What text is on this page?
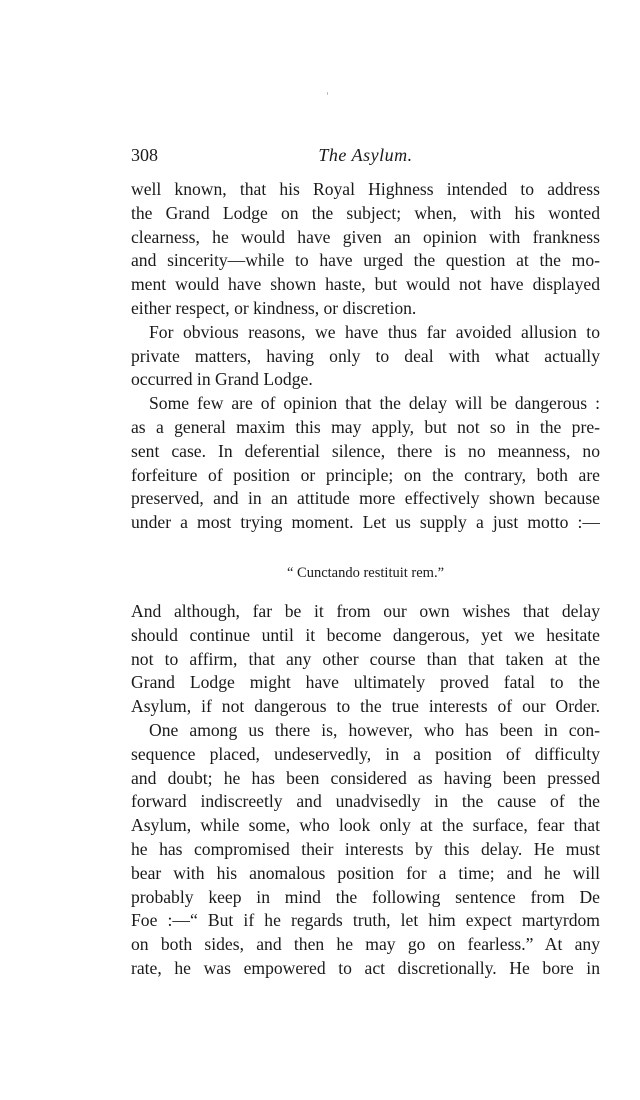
308	The Asylum.
well known, that his Royal Highness intended to address
the Grand Lodge on the subject; when, with his wonted
clearness, he would have given an opinion with frankness
and sincerity—while to have urged the question at the mo-
ment would have shown haste, but would not have displayed
either respect, or kindness, or discretion.
For obvious reasons, we have thus far avoided allusion to
private matters, having only to deal with what actually
occurred in Grand Lodge.
Some few are of opinion that the delay will be dangerous :
as a general maxim this may apply, but not so in the pre-
sent case. In deferential silence, there is no meanness, no
forfeiture of position or principle; on the contrary, both are
preserved, and in an attitude more effectively shown because
under a most trying moment. Let us supply a just motto :—
“ Cunctando restituit rem.”
And although, far be it from our own wishes that delay
should continue until it become dangerous, yet we hesitate
not to affirm, that any other course than that taken at the
Grand Lodge might have ultimately proved fatal to the
Asylum, if not dangerous to the true interests of our Order.
One among us there is, however, who has been in con-
sequence placed, undeservedly, in a position of difficulty
and doubt; he has been considered as having been pressed
forward indiscreetly and unadvisedly in the cause of the
Asylum, while some, who look only at the surface, fear that
he has compromised their interests by this delay. He must
bear with his anomalous position for a time; and he will
probably keep in mind the following sentence from De
Foe :—“ But if he regards truth, let him expect martyrdom
on both sides, and then he may go on fearless.” At any
rate, he was empowered to act discretionally. He bore in
